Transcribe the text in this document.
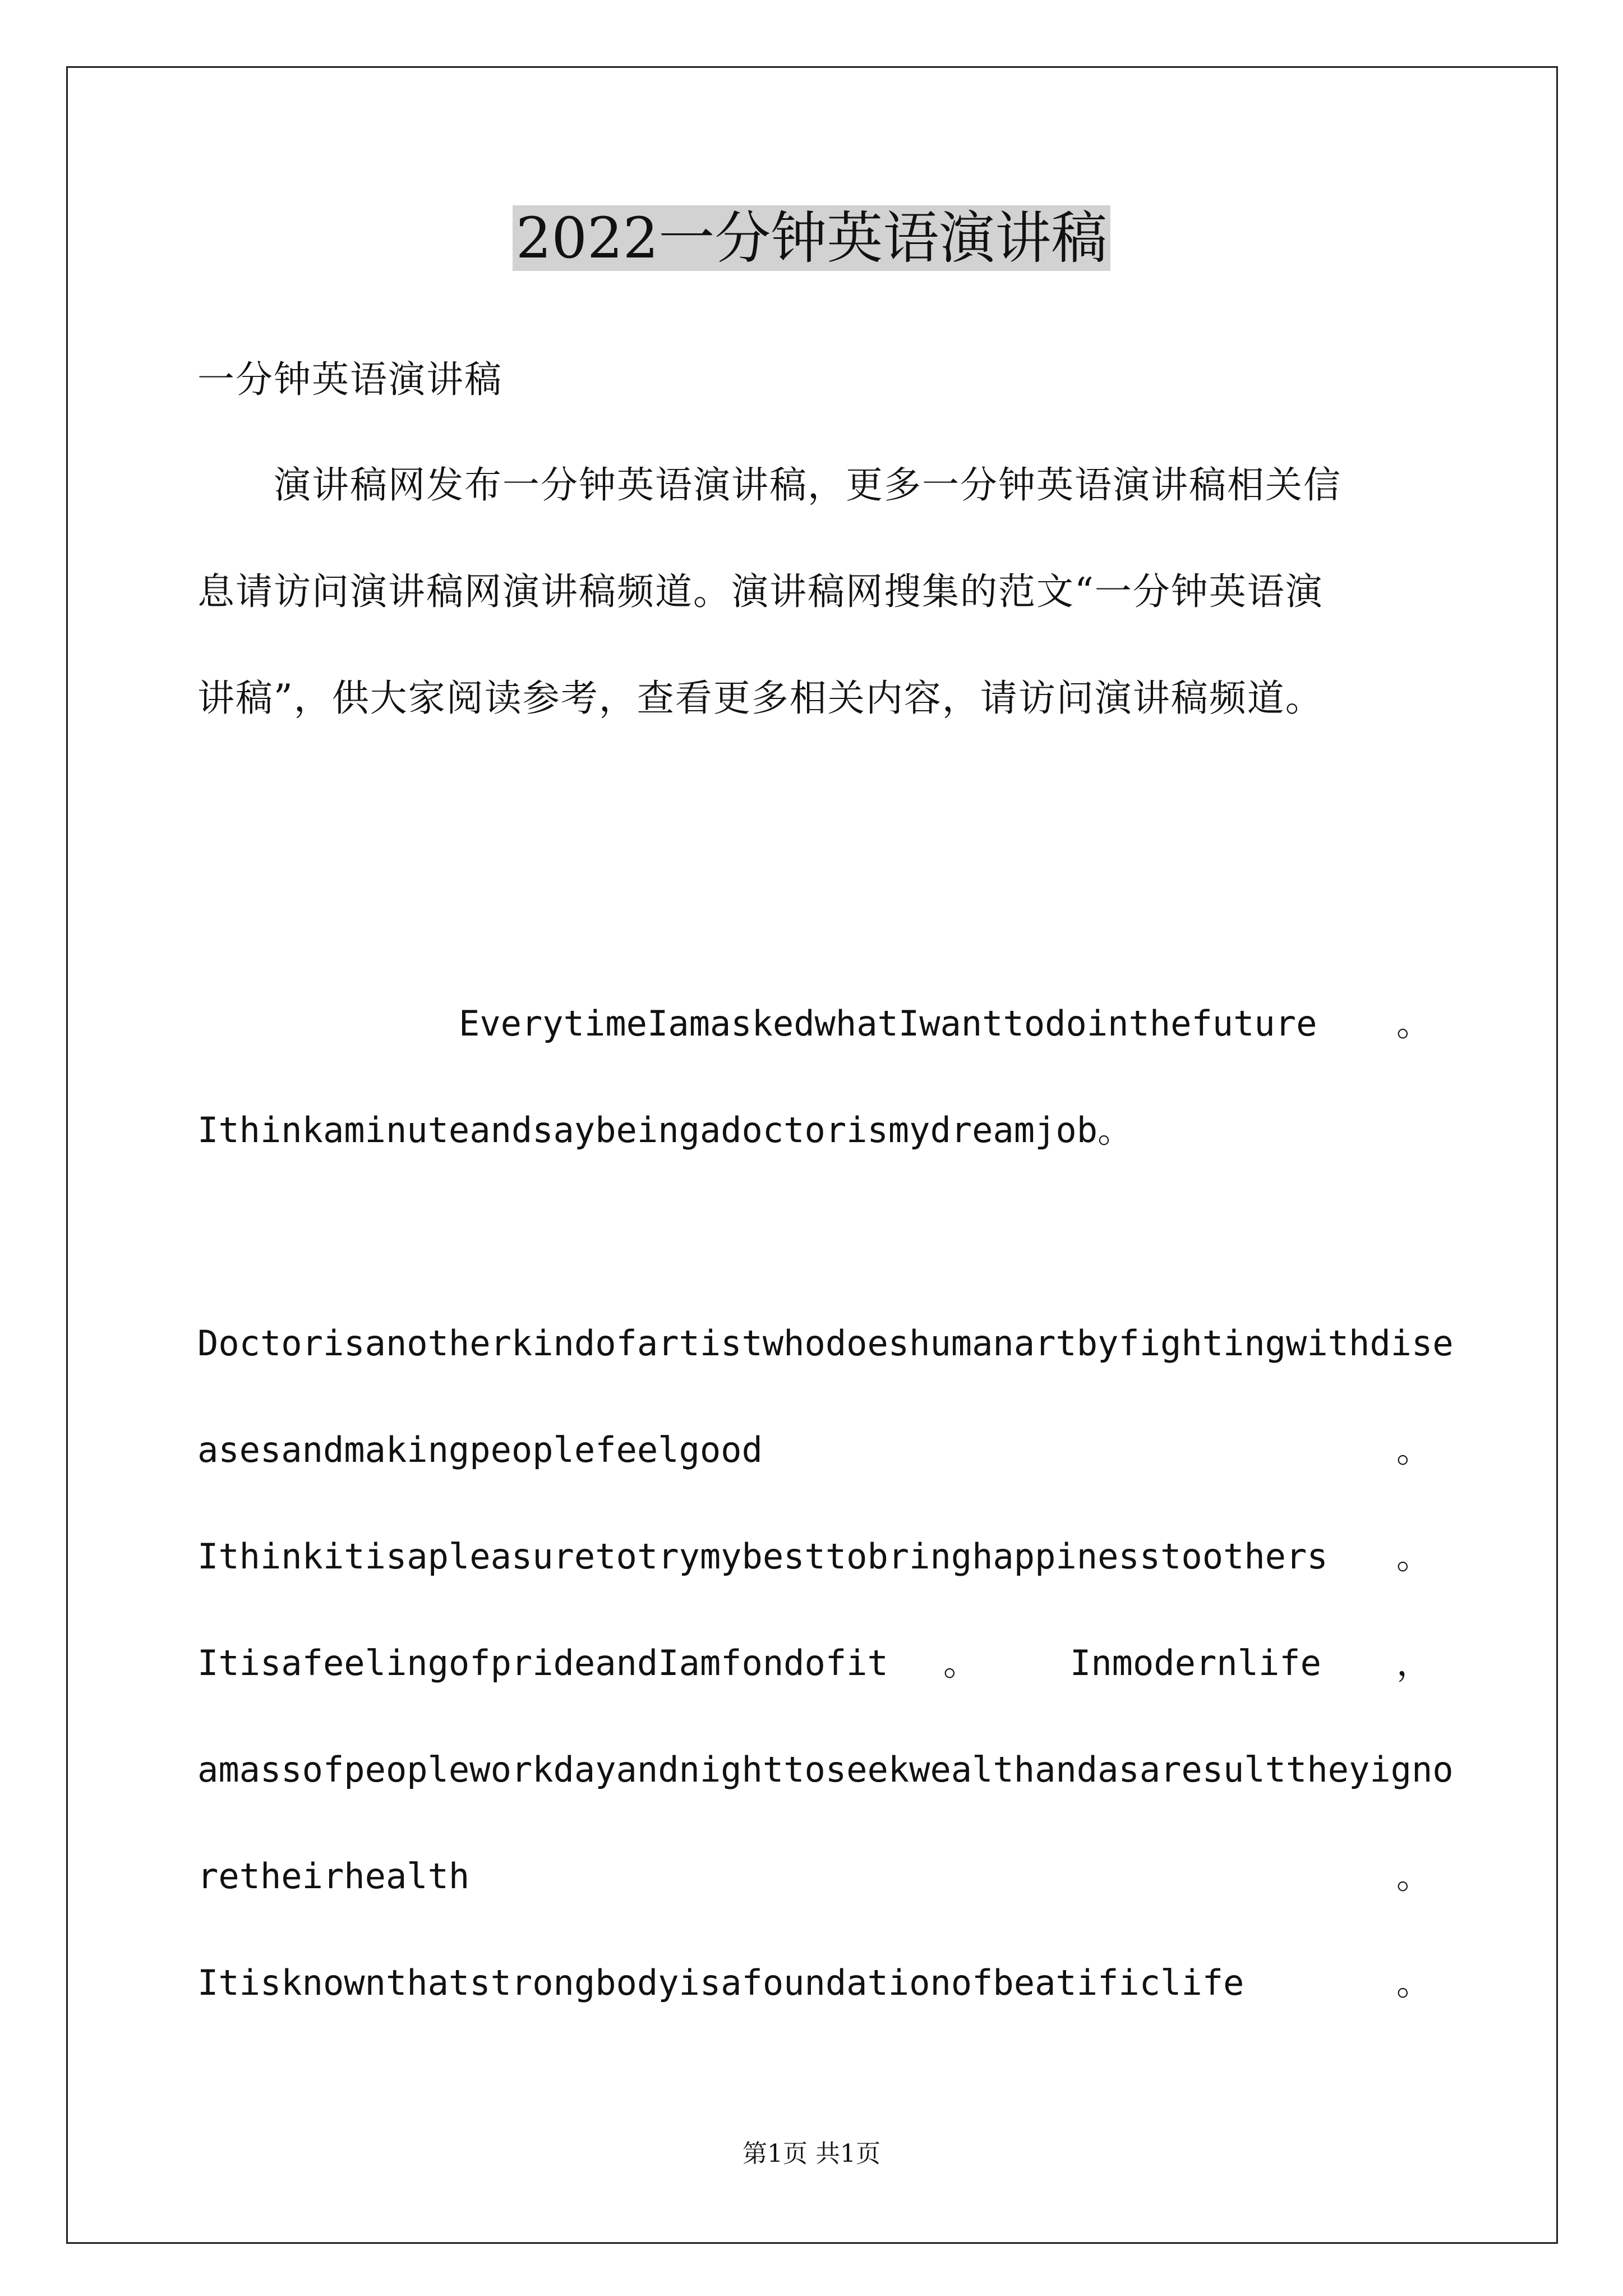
2022一分钟英语演讲稿
一分钟英语演讲稿
　　演讲稿网发布一分钟英语演讲稿，更多一分钟英语演讲稿相关信
息请访问演讲稿网演讲稿频道。演讲稿网搜集的范文“一分钟英语演
讲稿”，供大家阅读参考，查看更多相关内容，请访问演讲稿频道。
EverytimeIamaskedwhatIwanttodointhefuture 。
Ithinkaminuteandsaybeingadoctorismydreamjob。
Doctorisanotherkindofartistwhodoeshumanartbyfightingwithdise
asesandmakingpeoplefeelgood	。
Ithinkitisapleasuretotrymybesttobringhappinesstoothers 。
ItisafeelingofprideandIamfondofit 。	Inmodernlife ，
amassofpeopleworkdayandnighttoseekwealthandasaresulttheyigno
retheirhealth	。
Itisknownthatstrongbodyisafoundationofbeatificlife	。
第1页 共1页
